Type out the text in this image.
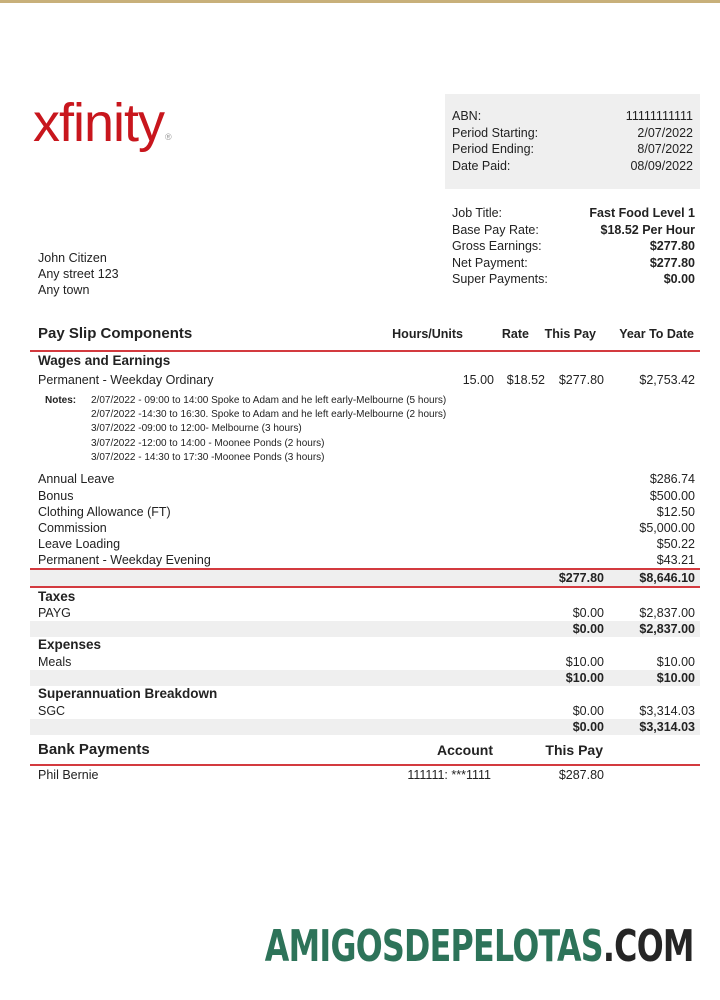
xfinity®
ABN:	11111111111
Period Starting:	2/07/2022
Period Ending:	8/07/2022
Date Paid:	08/09/2022
Job Title:	Fast Food Level 1
Base Pay Rate:	$18.52 Per Hour
Gross Earnings:	$277.80
Net Payment:	$277.80
Super Payments:	$0.00
John Citizen
Any street 123
Any town
Pay Slip Components	Hours/Units	Rate This Pay Year To Date
Wages and Earnings
Permanent - Weekday Ordinary	15.00 $18.52 $277.80	$2,753.42
Notes: 2/07/2022 - 09:00 to 14:00 Spoke to Adam and he left early-Melbourne (5 hours)
2/07/2022 -14:30 to 16:30. Spoke to Adam and he left early-Melbourne (2 hours)
3/07/2022 -09:00 to 12:00- Melbourne (3 hours)
3/07/2022 -12:00 to 14:00 - Moonee Ponds (2 hours)
3/07/2022 - 14:30 to 17:30 -Moonee Ponds (3 hours)
Annual Leave	$286.74
Bonus	$500.00
Clothing Allowance (FT)	$12.50
Commission	$5,000.00
Leave Loading	$50.22
Permanent - Weekday Evening	$43.21
$277.80	$8,646.10
Taxes
PAYG	$0.00	$2,837.00
$0.00	$2,837.00
Expenses
Meals	$10.00	$10.00
$10.00	$10.00
Superannuation Breakdown
SGC	$0.00	$3,314.03
$0.00	$3,314.03
Bank Payments	Account	This Pay
Phil Bernie	111111: ***1111	$287.80
AMIGOSDEPELOTAS.COM
